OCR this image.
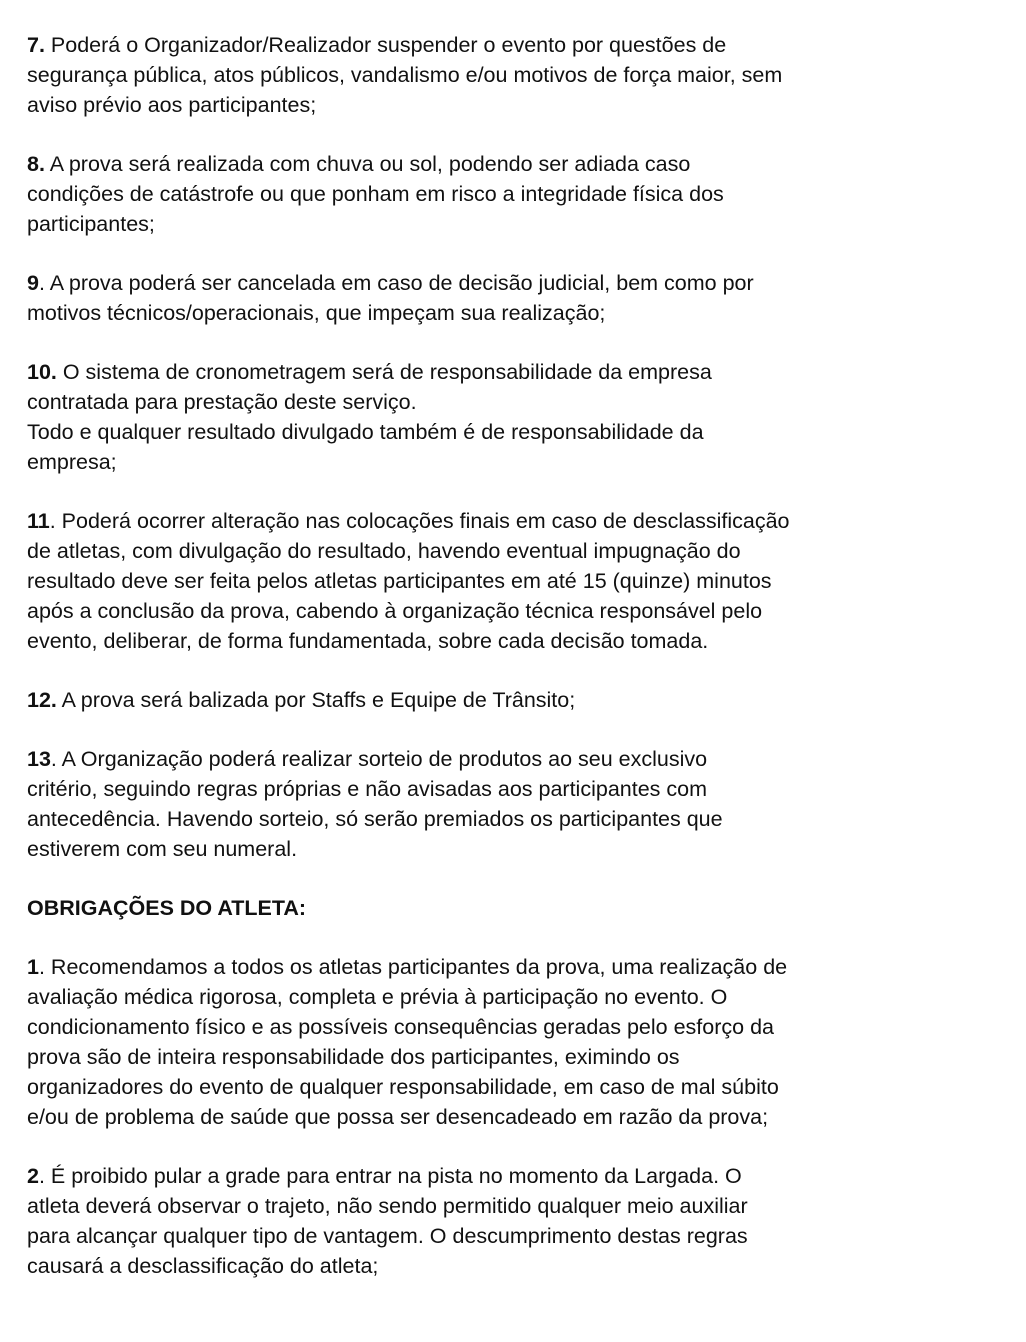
7. Poderá o Organizador/Realizador suspender o evento por questões de
segurança pública, atos públicos, vandalismo e/ou motivos de força maior, sem
aviso prévio aos participantes;
8. A prova será realizada com chuva ou sol, podendo ser adiada caso
condições de catástrofe ou que ponham em risco a integridade física dos
participantes;
9. A prova poderá ser cancelada em caso de decisão judicial, bem como por
motivos técnicos/operacionais, que impeçam sua realização;
10. O sistema de cronometragem será de responsabilidade da empresa
contratada para prestação deste serviço.
Todo e qualquer resultado divulgado também é de responsabilidade da
empresa;
11. Poderá ocorrer alteração nas colocações finais em caso de desclassificação
de atletas, com divulgação do resultado, havendo eventual impugnação do
resultado deve ser feita pelos atletas participantes em até 15 (quinze) minutos
após a conclusão da prova, cabendo à organização técnica responsável pelo
evento, deliberar, de forma fundamentada, sobre cada decisão tomada.
12. A prova será balizada por Staffs e Equipe de Trânsito;
13. A Organização poderá realizar sorteio de produtos ao seu exclusivo
critério, seguindo regras próprias e não avisadas aos participantes com
antecedência. Havendo sorteio, só serão premiados os participantes que
estiverem com seu numeral.
OBRIGAÇÕES DO ATLETA:
1. Recomendamos a todos os atletas participantes da prova, uma realização de
avaliação médica rigorosa, completa e prévia à participação no evento. O
condicionamento físico e as possíveis consequências geradas pelo esforço da
prova são de inteira responsabilidade dos participantes, eximindo os
organizadores do evento de qualquer responsabilidade, em caso de mal súbito
e/ou de problema de saúde que possa ser desencadeado em razão da prova;
2. É proibido pular a grade para entrar na pista no momento da Largada. O
atleta deverá observar o trajeto, não sendo permitido qualquer meio auxiliar
para alcançar qualquer tipo de vantagem. O descumprimento destas regras
causará a desclassificação do atleta;
